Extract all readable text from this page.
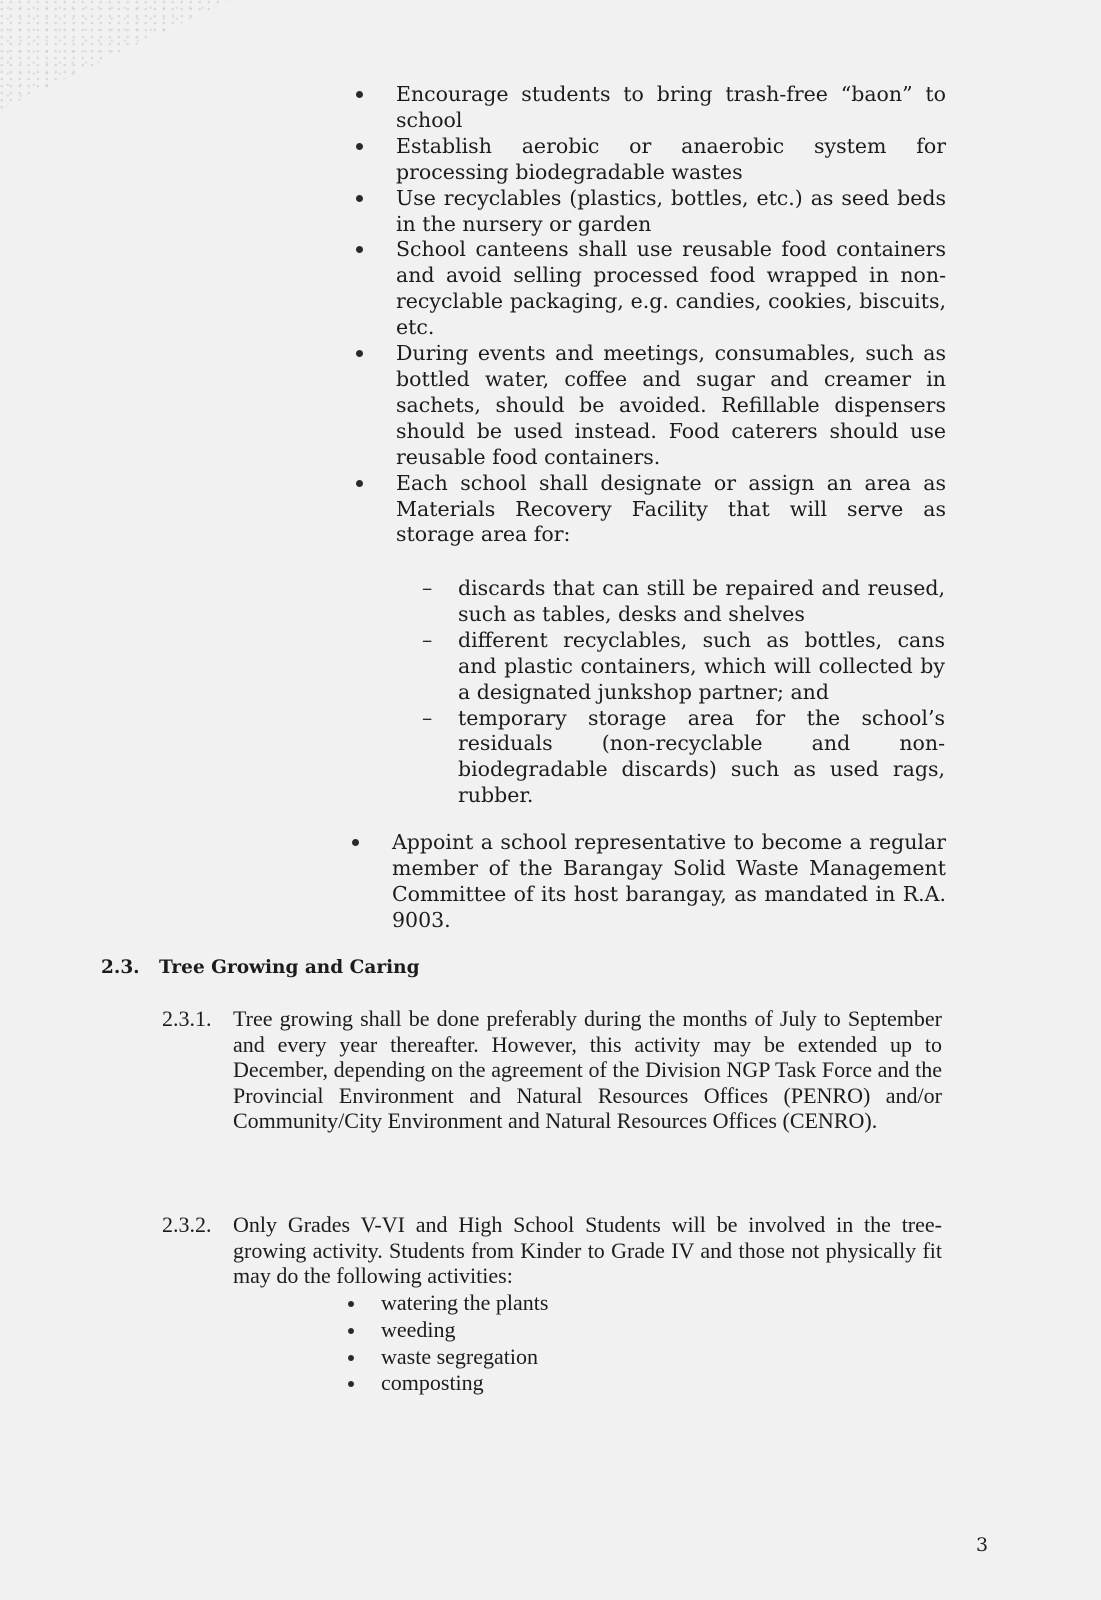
Encourage students to bring trash-free “baon” to school
Establish aerobic or anaerobic system for processing biodegradable wastes
Use recyclables (plastics, bottles, etc.) as seed beds in the nursery or garden
School canteens shall use reusable food containers and avoid selling processed food wrapped in non-recyclable packaging, e.g. candies, cookies, biscuits, etc.
During events and meetings, consumables, such as bottled water, coffee and sugar and creamer in sachets, should be avoided. Refillable dispensers should be used instead. Food caterers should use reusable food containers.
Each school shall designate or assign an area as Materials Recovery Facility that will serve as storage area for:
– discards that can still be repaired and reused, such as tables, desks and shelves
– different recyclables, such as bottles, cans and plastic containers, which will collected by a designated junkshop partner; and
– temporary storage area for the school’s residuals (non-recyclable and non-biodegradable discards) such as used rags, rubber.
Appoint a school representative to become a regular member of the Barangay Solid Waste Management Committee of its host barangay, as mandated in R.A. 9003.
2.3. Tree Growing and Caring
2.3.1. Tree growing shall be done preferably during the months of July to September and every year thereafter. However, this activity may be extended up to December, depending on the agreement of the Division NGP Task Force and the Provincial Environment and Natural Resources Offices (PENRO) and/or Community/City Environment and Natural Resources Offices (CENRO).
2.3.2. Only Grades V-VI and High School Students will be involved in the tree-growing activity. Students from Kinder to Grade IV and those not physically fit may do the following activities:
watering the plants
weeding
waste segregation
composting
3
